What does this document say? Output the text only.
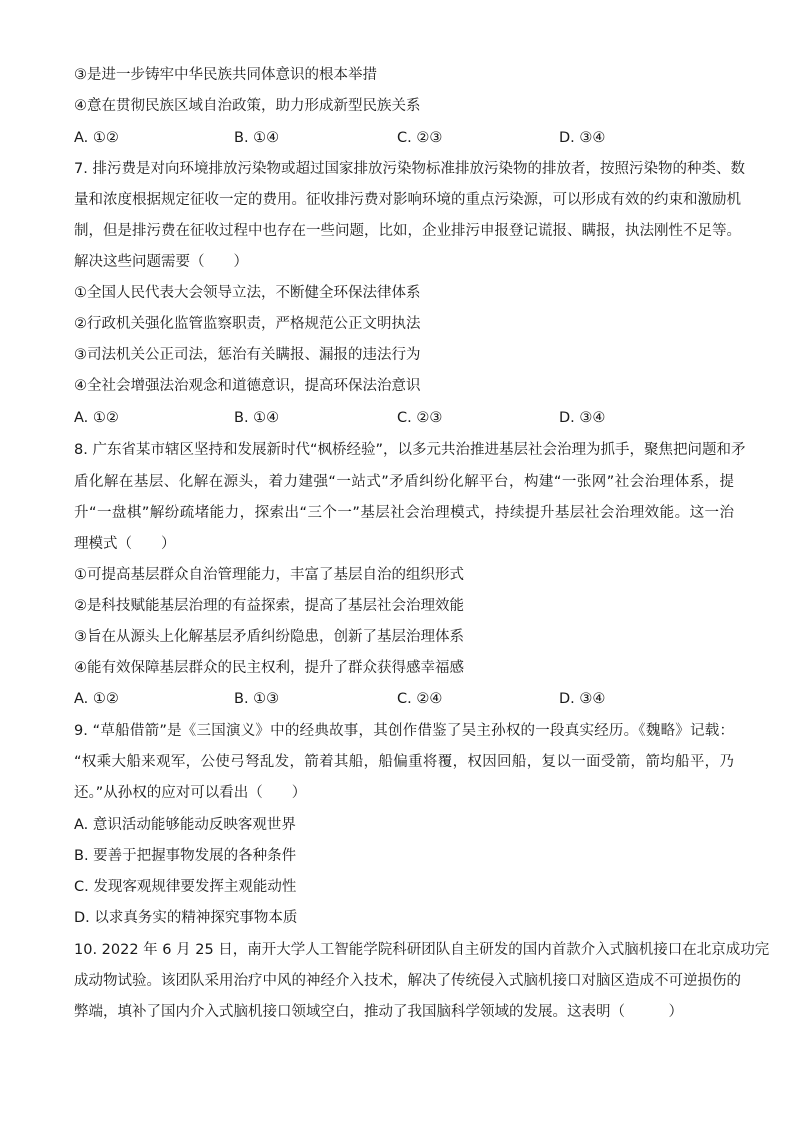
③是进一步铸牢中华民族共同体意识的根本举措
④意在贯彻民族区域自治政策，助力形成新型民族关系
A. ①②	B. ①④	C. ②③	D. ③④
7. 排污费是对向环境排放污染物或超过国家排放污染物标准排放污染物的排放者，按照污染物的种类、数
量和浓度根据规定征收一定的费用。征收排污费对影响环境的重点污染源，可以形成有效的约束和激励机
制，但是排污费在征收过程中也存在一些问题，比如，企业排污申报登记谎报、瞒报，执法刚性不足等。
解决这些问题需要（　　）
①全国人民代表大会领导立法，不断健全环保法律体系
②行政机关强化监管监察职责，严格规范公正文明执法
③司法机关公正司法，惩治有关瞒报、漏报的违法行为
④全社会增强法治观念和道德意识，提高环保法治意识
A. ①②	B. ①④	C. ②③	D. ③④
8. 广东省某市辖区坚持和发展新时代“枫桥经验”，以多元共治推进基层社会治理为抓手，聚焦把问题和矛
盾化解在基层、化解在源头，着力建强“一站式”矛盾纠纷化解平台，构建“一张网”社会治理体系，提
升“一盘棋”解纷疏堵能力，探索出“三个一”基层社会治理模式，持续提升基层社会治理效能。这一治
理模式（　　）
①可提高基层群众自治管理能力，丰富了基层自治的组织形式
②是科技赋能基层治理的有益探索，提高了基层社会治理效能
③旨在从源头上化解基层矛盾纠纷隐患，创新了基层治理体系
④能有效保障基层群众的民主权利，提升了群众获得感幸福感
A. ①②	B. ①③	C. ②④	D. ③④
9. “草船借箭”是《三国演义》中的经典故事，其创作借鉴了吴主孙权的一段真实经历。《魏略》记载：
“权乘大船来观军，公使弓弩乱发，箭着其船，船偏重将覆，权因回船，复以一面受箭，箭均船平，乃
还。”从孙权的应对可以看出（　　）
A. 意识活动能够能动反映客观世界
B. 要善于把握事物发展的各种条件
C. 发现客观规律要发挥主观能动性
D. 以求真务实的精神探究事物本质
10. 2022 年 6 月 25 日，南开大学人工智能学院科研团队自主研发的国内首款介入式脑机接口在北京成功完
成动物试验。该团队采用治疗中风的神经介入技术，解决了传统侵入式脑机接口对脑区造成不可逆损伤的
弊端，填补了国内介入式脑机接口领域空白，推动了我国脑科学领域的发展。这表明（　　　）
